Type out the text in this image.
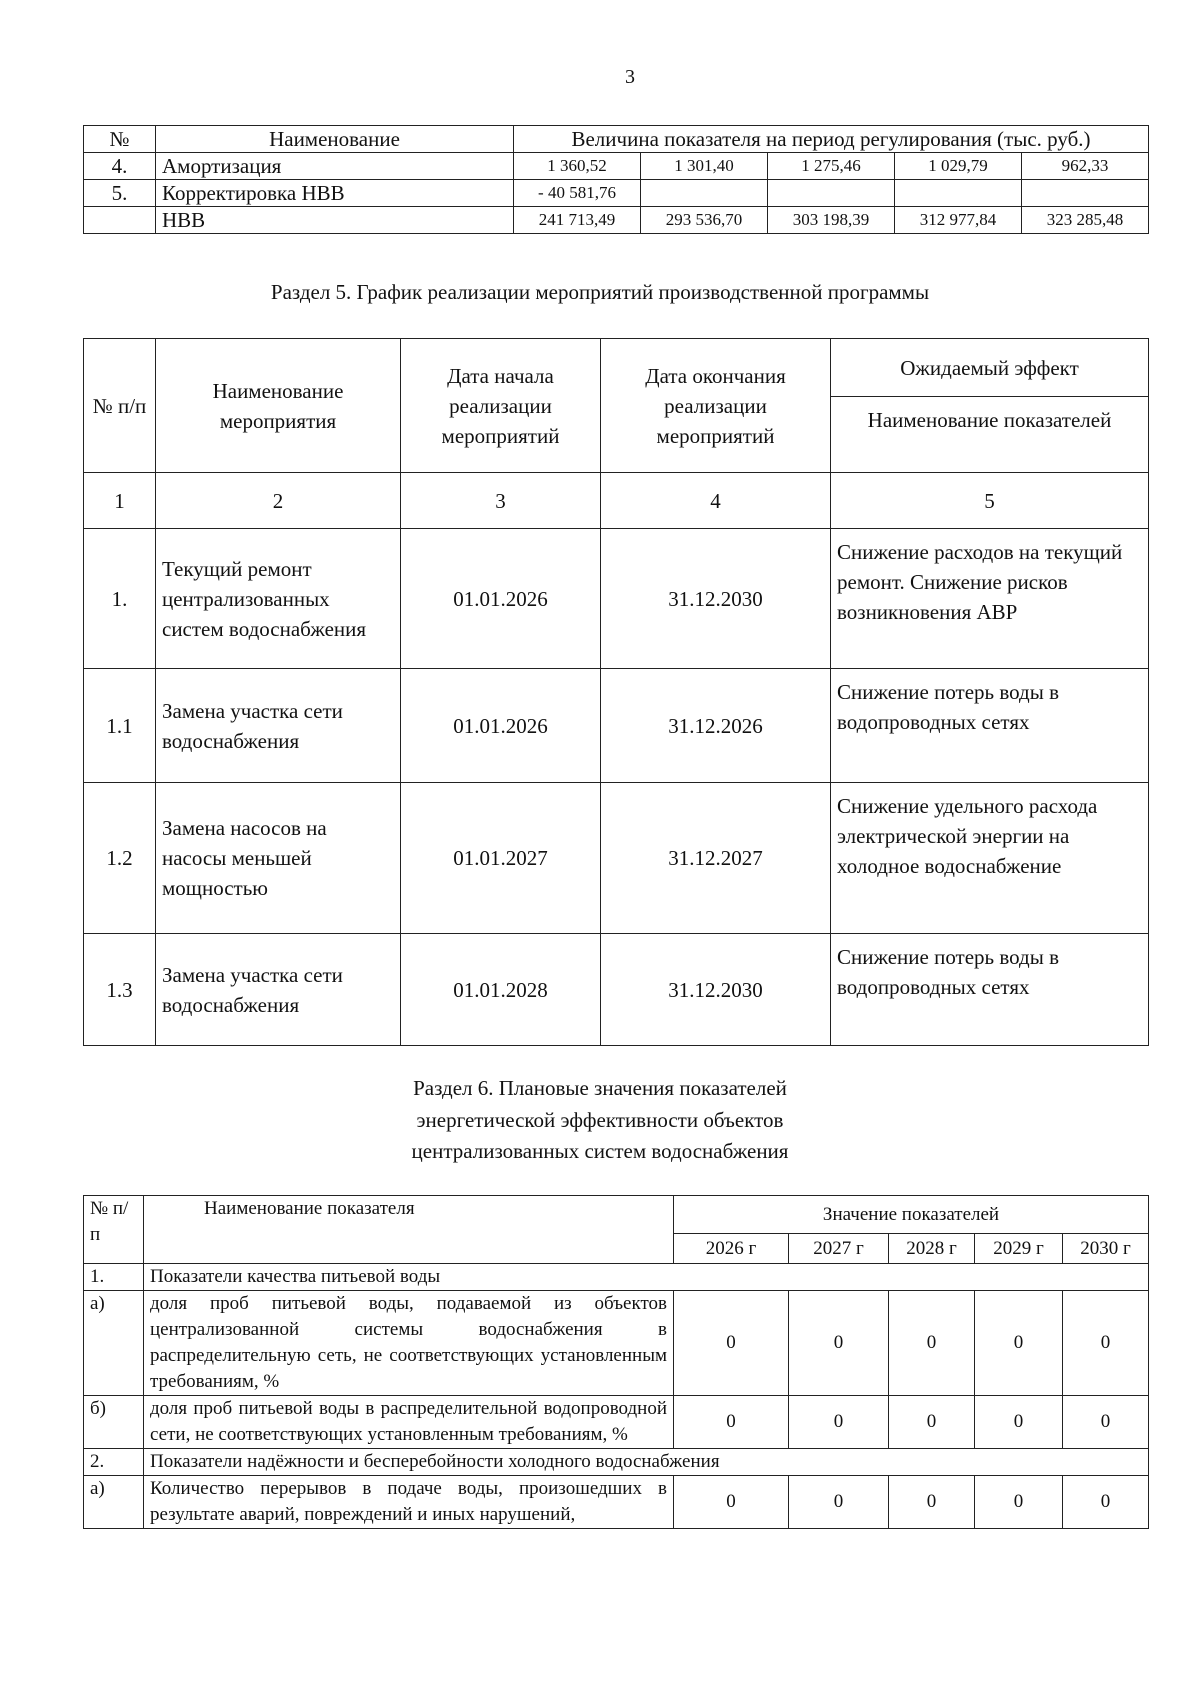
3
№	Наименование	Величина показателя на период регулирования (тыс. руб.)				
4.	Амортизация	1 360,52	1 301,40	1 275,46	1 029,79	962,33
5.	Корректировка НВВ	- 40 581,76				
	НВВ	241 713,49	293 536,70	303 198,39	312 977,84	323 285,48
Раздел 5. График реализации мероприятий производственной программы
№ п/п	Наименование мероприятия	Дата начала реализации мероприятий	Дата окончания реализации мероприятий	Ожидаемый эффект
				Наименование показателей
1	2	3	4	5
1.	Текущий ремонт централизованных систем водоснабжения	01.01.2026	31.12.2030	Снижение расходов на текущий ремонт. Снижение рисков возникновения АВР
1.1	Замена участка сети водоснабжения	01.01.2026	31.12.2026	Снижение потерь воды в водопроводных сетях
1.2	Замена насосов на насосы меньшей мощностью	01.01.2027	31.12.2027	Снижение удельного расхода электрической энергии на холодное водоснабжение
1.3	Замена участка сети водоснабжения	01.01.2028	31.12.2030	Снижение потерь воды в водопроводных сетях
Раздел 6. Плановые значения показателей
энергетической эффективности объектов
централизованных систем водоснабжения
№ п/п	Наименование показателя	Значение показателей				
		2026 г	2027 г	2028 г	2029 г	2030 г
1.	Показатели качества питьевой воды					
а)	доля проб питьевой воды, подаваемой из объектов централизованной системы водоснабжения в распределительную сеть, не соответствующих установленным требованиям, %	0	0	0	0	0
б)	доля проб питьевой воды в распределительной водопроводной сети, не соответствующих установленным требованиям, %	0	0	0	0	0
2.	Показатели надёжности и бесперебойности холодного водоснабжения					
а)	Количество перерывов в подаче воды, произошедших в результате аварий, повреждений и иных нарушений,	0	0	0	0	0
